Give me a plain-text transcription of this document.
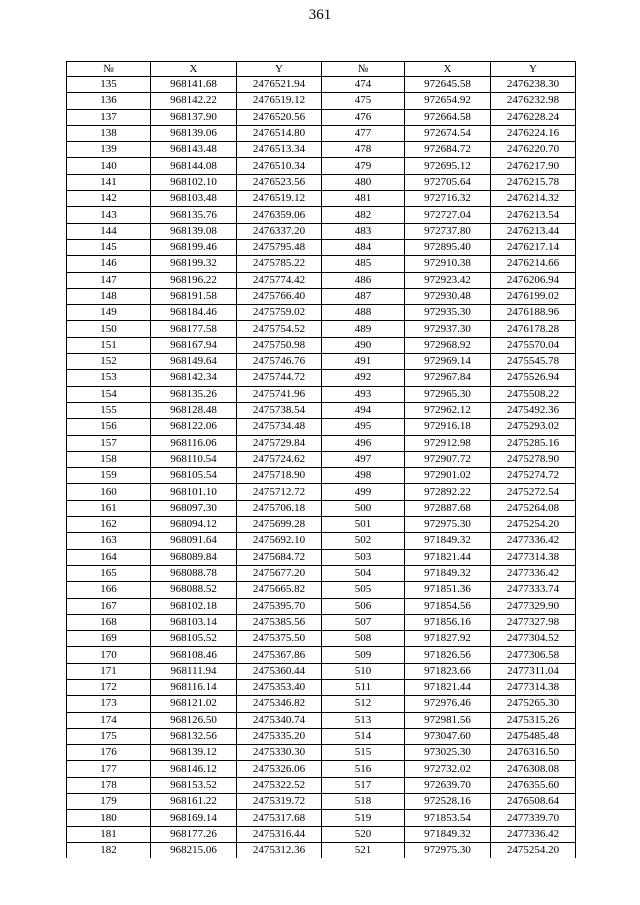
361
№	X	Y	№	X	Y
135	968141.68	2476521.94	474	972645.58	2476238.30
136	968142.22	2476519.12	475	972654.92	2476232.98
137	968137.90	2476520.56	476	972664.58	2476228.24
138	968139.06	2476514.80	477	972674.54	2476224.16
139	968143.48	2476513.34	478	972684.72	2476220.70
140	968144.08	2476510.34	479	972695.12	2476217.90
141	968102.10	2476523.56	480	972705.64	2476215.78
142	968103.48	2476519.12	481	972716.32	2476214.32
143	968135.76	2476359.06	482	972727.04	2476213.54
144	968139.08	2476337.20	483	972737.80	2476213.44
145	968199.46	2475795.48	484	972895.40	2476217.14
146	968199.32	2475785.22	485	972910.38	2476214.66
147	968196.22	2475774.42	486	972923.42	2476206.94
148	968191.58	2475766.40	487	972930.48	2476199.02
149	968184.46	2475759.02	488	972935.30	2476188.96
150	968177.58	2475754.52	489	972937.30	2476178.28
151	968167.94	2475750.98	490	972968.92	2475570.04
152	968149.64	2475746.76	491	972969.14	2475545.78
153	968142.34	2475744.72	492	972967.84	2475526.94
154	968135.26	2475741.96	493	972965.30	2475508.22
155	968128.48	2475738.54	494	972962.12	2475492.36
156	968122.06	2475734.48	495	972916.18	2475293.02
157	968116.06	2475729.84	496	972912.98	2475285.16
158	968110.54	2475724.62	497	972907.72	2475278.90
159	968105.54	2475718.90	498	972901.02	2475274.72
160	968101.10	2475712.72	499	972892.22	2475272.54
161	968097.30	2475706.18	500	972887.68	2475264.08
162	968094.12	2475699.28	501	972975.30	2475254.20
163	968091.64	2475692.10	502	971849.32	2477336.42
164	968089.84	2475684.72	503	971821.44	2477314.38
165	968088.78	2475677.20	504	971849.32	2477336.42
166	968088.52	2475665.82	505	971851.36	2477333.74
167	968102.18	2475395.70	506	971854.56	2477329.90
168	968103.14	2475385.56	507	971856.16	2477327.98
169	968105.52	2475375.50	508	971827.92	2477304.52
170	968108.46	2475367.86	509	971826.56	2477306.58
171	968111.94	2475360.44	510	971823.66	2477311.04
172	968116.14	2475353.40	511	971821.44	2477314.38
173	968121.02	2475346.82	512	972976.46	2475265.30
174	968126.50	2475340.74	513	972981.56	2475315.26
175	968132.56	2475335.20	514	973047.60	2475485.48
176	968139.12	2475330.30	515	973025.30	2476316.50
177	968146.12	2475326.06	516	972732.02	2476308.08
178	968153.52	2475322.52	517	972639.70	2476355.60
179	968161.22	2475319.72	518	972528.16	2476508.64
180	968169.14	2475317.68	519	971853.54	2477339.70
181	968177.26	2475316.44	520	971849.32	2477336.42
182	968215.06	2475312.36	521	972975.30	2475254.20
